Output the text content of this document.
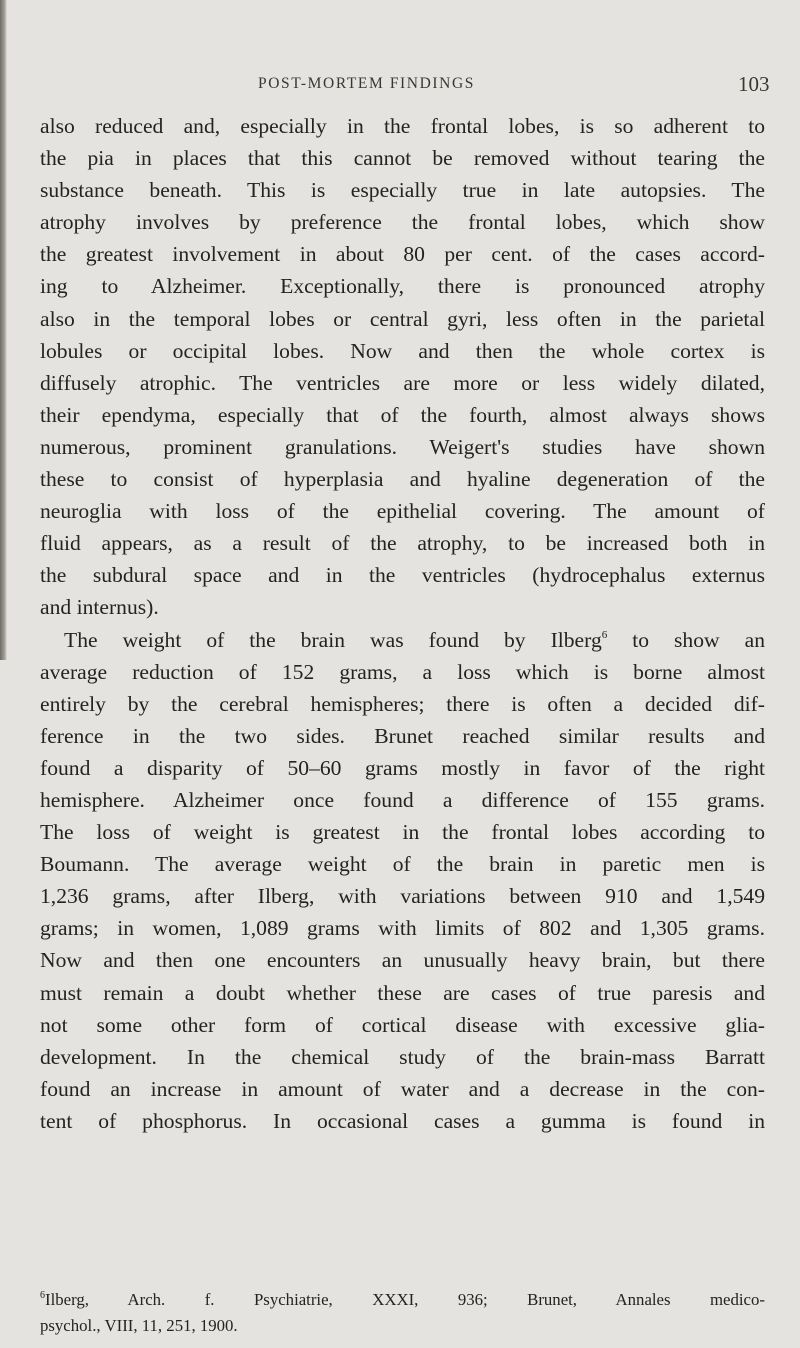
POST-MORTEM FINDINGS	103

also reduced and, especially in the frontal lobes, is so adherent to
the pia in places that this cannot be removed without tearing the
substance beneath. This is especially true in late autopsies. The
atrophy involves by preference the frontal lobes, which show
the greatest involvement in about 80 per cent. of the cases accord-
ing to Alzheimer. Exceptionally, there is pronounced atrophy
also in the temporal lobes or central gyri, less often in the parietal
lobules or occipital lobes. Now and then the whole cortex is
diffusely atrophic. The ventricles are more or less widely dilated,
their ependyma, especially that of the fourth, almost always shows
numerous, prominent granulations. Weigert's studies have shown
these to consist of hyperplasia and hyaline degeneration of the
neuroglia with loss of the epithelial covering. The amount of
fluid appears, as a result of the atrophy, to be increased both in
the subdural space and in the ventricles (hydrocephalus externus
and internus).

The weight of the brain was found by Ilberg$^6$ to show an
average reduction of 152 grams, a loss which is borne almost
entirely by the cerebral hemispheres; there is often a decided dif-
ference in the two sides. Brunet reached similar results and
found a disparity of 50–60 grams mostly in favor of the right
hemisphere. Alzheimer once found a difference of 155 grams.
The loss of weight is greatest in the frontal lobes according to
Boumann. The average weight of the brain in paretic men is
1,236 grams, after Ilberg, with variations between 910 and 1,549
grams; in women, 1,089 grams with limits of 802 and 1,305 grams.
Now and then one encounters an unusually heavy brain, but there
must remain a doubt whether these are cases of true paresis and
not some other form of cortical disease with excessive glia-
development. In the chemical study of the brain-mass Barratt
found an increase in amount of water and a decrease in the con-
tent of phosphorus. In occasional cases a gumma is found in

$^6$Ilberg, Arch. f. Psychiatrie, XXXI, 936; Brunet, Annales medico-
psychol., VIII, 11, 251, 1900.
